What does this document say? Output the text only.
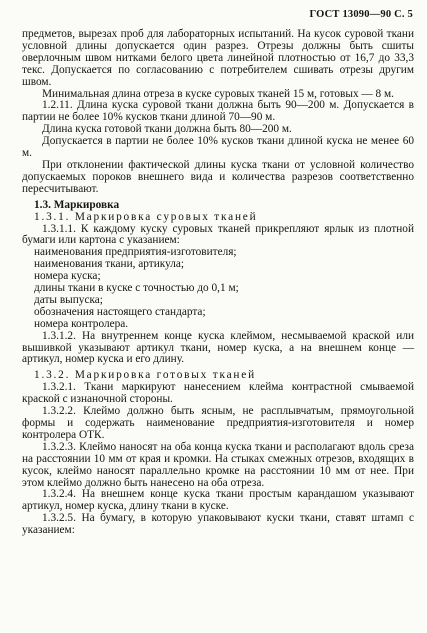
ГОСТ 13090—90 С. 5

предметов, вырезах проб для лабораторных испытаний. На кусок суровой ткани условной длины допускается один разрез. Отрезы должны быть сшиты оверлочным швом нитками белого цвета линейной плотностью от 16,7 до 33,3 текс. Допускается по согласованию с потребителем сшивать отрезы другим швом.

Минимальная длина отреза в куске суровых тканей 15 м, готовых — 8 м.

1.2.11. Длина куска суровой ткани должна быть 90—200 м. Допускается в партии не более 10% кусков ткани длиной 70—90 м.

Длина куска готовой ткани должна быть 80—200 м.

Допускается в партии не более 10% кусков ткани длиной куска не менее 60 м.

При отклонении фактической длины куска ткани от условной количество допускаемых пороков внешнего вида и количества разрезов соответственно пересчитывают.

1.3. Маркировка

1.3.1. Маркировка суровых тканей

1.3.1.1. К каждому куску суровых тканей прикрепляют ярлык из плотной бумаги или картона с указанием:

наименования предприятия-изготовителя;

наименования ткани, артикула;

номера куска;

длины ткани в куске с точностью до 0,1 м;

даты выпуска;

обозначения настоящего стандарта;

номера контролера.

1.3.1.2. На внутреннем конце куска клеймом, несмываемой краской или вышивкой указывают артикул ткани, номер куска, а на внешнем конце — артикул, номер куска и его длину.

1.3.2. Маркировка готовых тканей

1.3.2.1. Ткани маркируют нанесением клейма контрастной смываемой краской с изнаночной стороны.

1.3.2.2. Клеймо должно быть ясным, не расплывчатым, прямоугольной формы и содержать наименование предприятия-изготовителя и номер контролера ОТК.

1.3.2.3. Клеймо наносят на оба конца куска ткани и располагают вдоль среза на расстоянии 10 мм от края и кромки. На стыках смежных отрезов, входящих в кусок, клеймо наносят параллельно кромке на расстоянии 10 мм от нее. При этом клеймо должно быть нанесено на оба отреза.

1.3.2.4. На внешнем конце куска ткани простым карандашом указывают артикул, номер куска, длину ткани в куске.

1.3.2.5. На бумагу, в которую упаковывают куски ткани, ставят штамп с указанием:
